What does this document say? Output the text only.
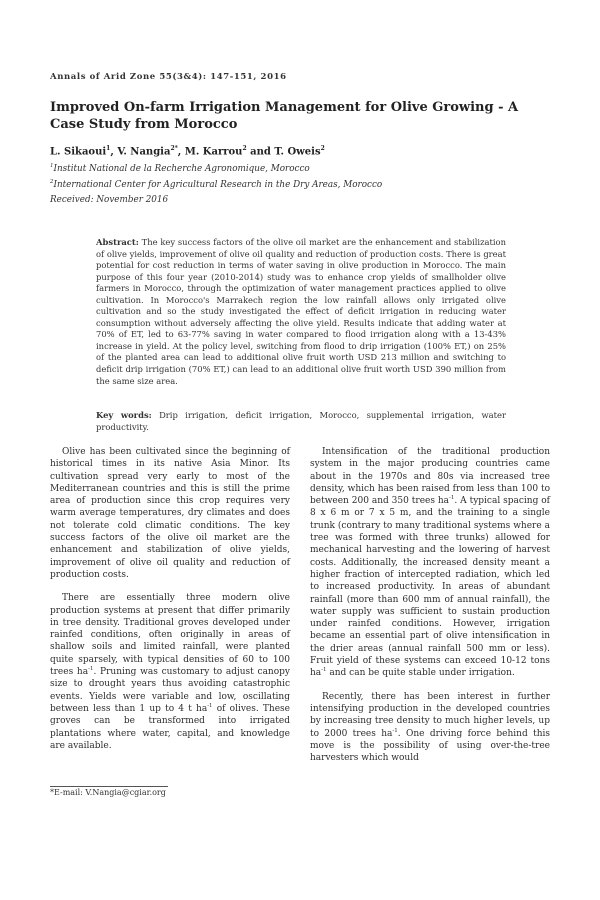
Annals of Arid Zone 55(3&4): 147-151, 2016
Improved On-farm Irrigation Management for Olive Growing - A Case Study from Morocco
L. Sikaoui$^1$, V. Nangia$^{2*}$, M. Karrou$^2$ and T. Oweis$^2$
$^1$Institut National de la Recherche Agronomique, Morocco
$^2$International Center for Agricultural Research in the Dry Areas, Morocco
Received: November 2016

Abstract: The key success factors of the olive oil market are the enhancement and stabilization of olive yields, improvement of olive oil quality and reduction of production costs. There is great potential for cost reduction in terms of water saving in olive production in Morocco. The main purpose of this four year (2010-2014) study was to enhance crop yields of smallholder olive farmers in Morocco, through the optimization of water management practices applied to olive cultivation. In Morocco's Marrakech region the low rainfall allows only irrigated olive cultivation and so the study investigated the effect of deficit irrigation in reducing water consumption without adversely affecting the olive yield. Results indicate that adding water at 70% of ET, led to 63-77% saving in water compared to flood irrigation along with a 13-43% increase in yield. At the policy level, switching from flood to drip irrigation (100% ET,) on 25% of the planted area can lead to additional olive fruit worth USD 213 million and switching to deficit drip irrigation (70% ET,) can lead to an additional olive fruit worth USD 390 million from the same size area.

Key words: Drip irrigation, deficit irrigation, Morocco, supplemental irrigation, water productivity.

Olive has been cultivated since the beginning of historical times in its native Asia Minor. Its cultivation spread very early to most of the Mediterranean countries and this is still the prime area of production since this crop requires very warm average temperatures, dry climates and does not tolerate cold climatic conditions. The key success factors of the olive oil market are the enhancement and stabilization of olive yields, improvement of olive oil quality and reduction of production costs.

There are essentially three modern olive production systems at present that differ primarily in tree density. Traditional groves developed under rainfed conditions, often originally in areas of shallow soils and limited rainfall, were planted quite sparsely, with typical densities of 60 to 100 trees $ha^{-1}$. Pruning was customary to adjust canopy size to drought years thus avoiding catastrophic events. Yields were variable and low, oscillating between less than 1 up to 4 t $ha^{-1}$ of olives. These groves can be transformed into irrigated plantations where water, capital, and knowledge are available.

Intensification of the traditional production system in the major producing countries came about in the 1970s and 80s via increased tree density, which has been raised from less than 100 to between 200 and 350 trees $ha^{-1}$. A typical spacing of 8 x 6 m or 7 x 5 m, and the training to a single trunk (contrary to many traditional systems where a tree was formed with three trunks) allowed for mechanical harvesting and the lowering of harvest costs. Additionally, the increased density meant a higher fraction of intercepted radiation, which led to increased productivity. In areas of abundant rainfall (more than 600 mm of annual rainfall), the water supply was sufficient to sustain production under rainfed conditions. However, irrigation became an essential part of olive intensification in the drier areas (annual rainfall 500 mm or less). Fruit yield of these systems can exceed 10-12 tons $ha^{-1}$ and can be quite stable under irrigation.

Recently, there has been interest in further intensifying production in the developed countries by increasing tree density to much higher levels, up to 2000 trees $ha^{-1}$. One driving force behind this move is the possibility of using over-the-tree harvesters which would

*E-mail: V.Nangia@cgiar.org
